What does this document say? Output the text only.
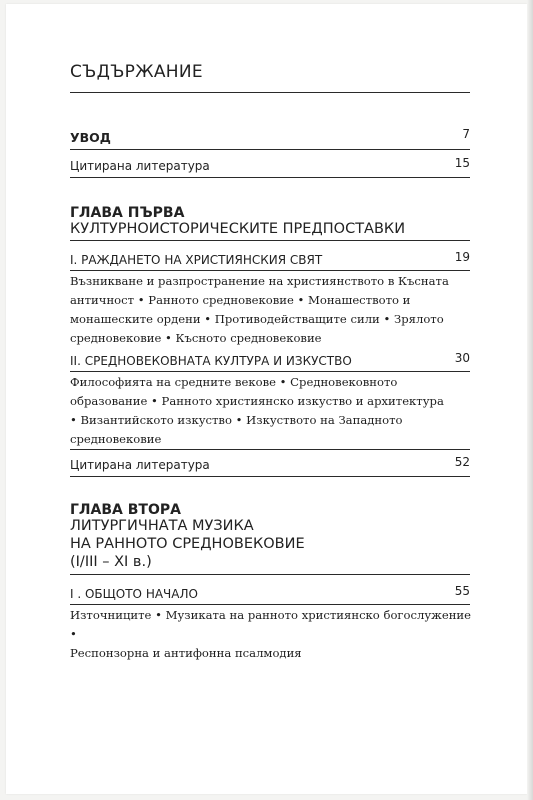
СЪДЪРЖАНИЕ
УВОД	7
Цитирана литература	15
ГЛАВА ПЪРВА
КУЛТУРНОИСТОРИЧЕСКИТЕ ПРЕДПОСТАВКИ
I. РАЖДАНЕТО НА ХРИСТИЯНСКИЯ СВЯТ	19
Възникване и разпространение на християнството в Късната
античност • Ранното средновековие • Монашеството и
монашеските ордени • Противодействащите сили • Зрялото
средновековие • Късното средновековие
II. СРЕДНОВЕКОВНАТА КУЛТУРА И ИЗКУСТВО	30
Философията на средните векове • Средновековното
образование • Ранното християнско изкуство и архитектура
• Византийското изкуство • Изкуството на Западното
средновековие
Цитирана литература	52
ГЛАВА ВТОРА
ЛИТУРГИЧНАТА МУЗИКА
НА РАННОТО СРЕДНОВЕКОВИЕ
(I/III – XI в.)
I . ОБЩОТО НАЧАЛО	55
Източниците • Музиката на ранното християнско богослужение •
Респонзорна и антифонна псалмодия
